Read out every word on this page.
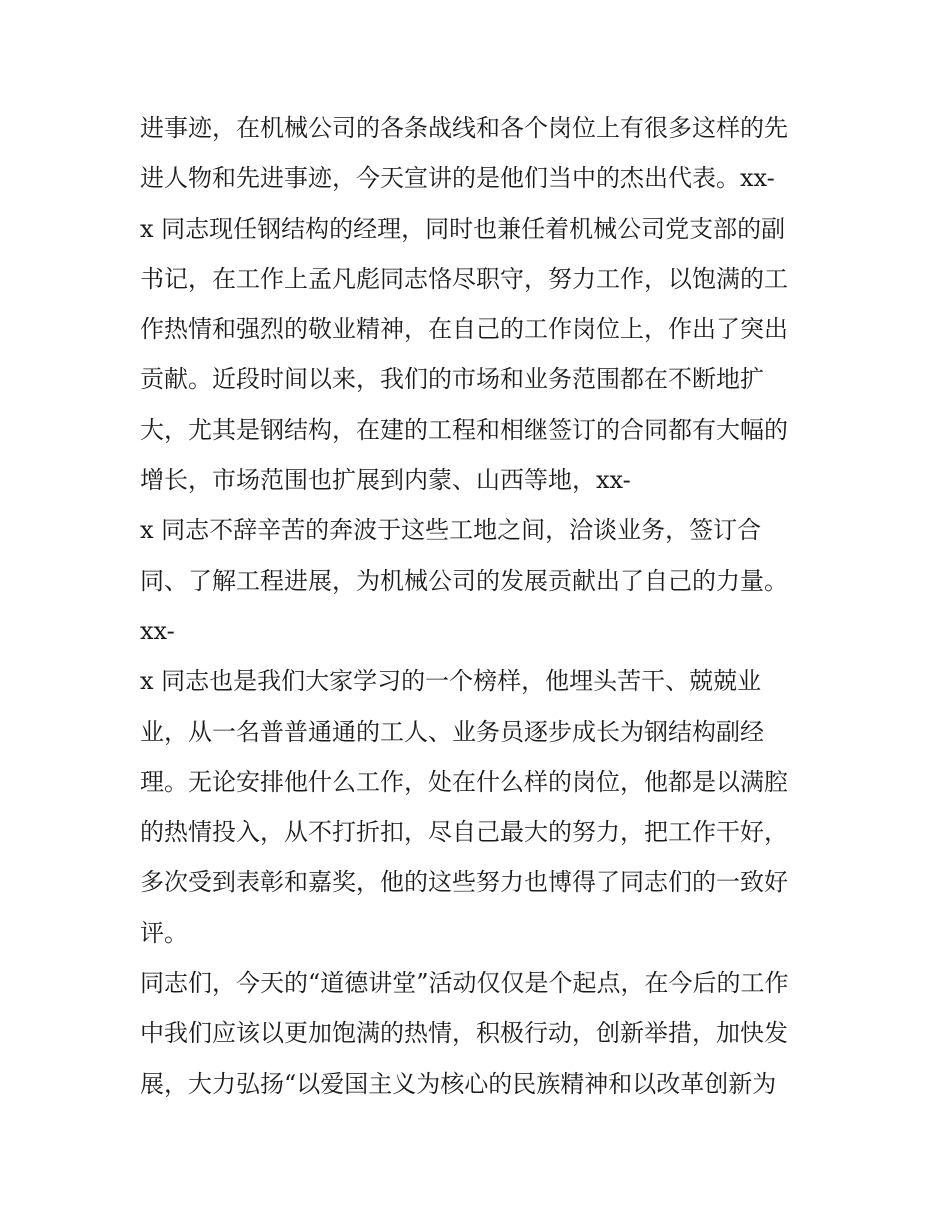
进事迹，在机械公司的各条战线和各个岗位上有很多这样的先
进人物和先进事迹，今天宣讲的是他们当中的杰出代表。xx-
x 同志现任钢结构的经理，同时也兼任着机械公司党支部的副
书记，在工作上孟凡彪同志恪尽职守，努力工作，以饱满的工
作热情和强烈的敬业精神，在自己的工作岗位上，作出了突出
贡献。近段时间以来，我们的市场和业务范围都在不断地扩
大，尤其是钢结构，在建的工程和相继签订的合同都有大幅的
增长，市场范围也扩展到内蒙、山西等地，xx-
x 同志不辞辛苦的奔波于这些工地之间，洽谈业务，签订合
同、了解工程进展，为机械公司的发展贡献出了自己的力量。
xx-
x 同志也是我们大家学习的一个榜样，他埋头苦干、兢兢业
业，从一名普普通通的工人、业务员逐步成长为钢结构副经
理。无论安排他什么工作，处在什么样的岗位，他都是以满腔
的热情投入，从不打折扣，尽自己最大的努力，把工作干好，
多次受到表彰和嘉奖，他的这些努力也博得了同志们的一致好
评。
同志们，今天的“道德讲堂”活动仅仅是个起点，在今后的工作
中我们应该以更加饱满的热情，积极行动，创新举措，加快发
展，大力弘扬“以爱国主义为核心的民族精神和以改革创新为
